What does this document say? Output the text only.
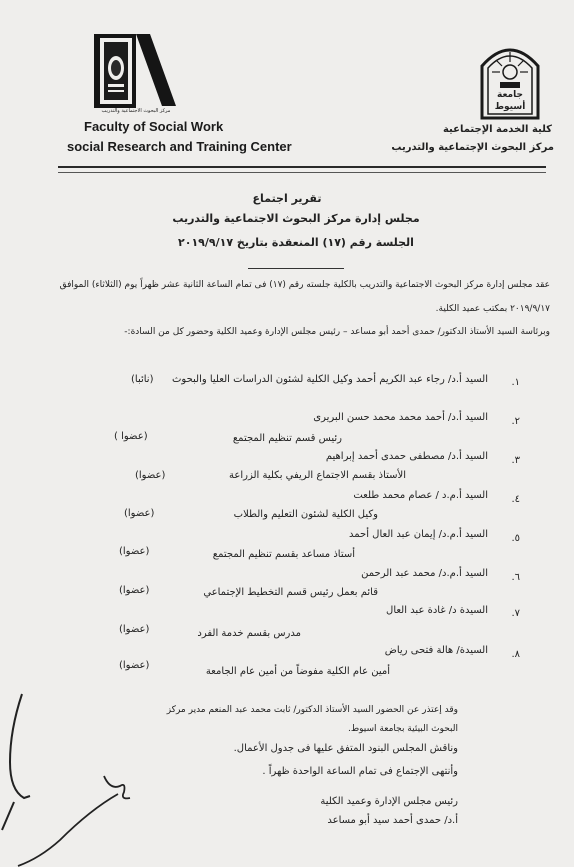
مركز البحوث الاجتماعية والتدريب
Faculty of Social Work
social Research and Training Center
جامعة
أسيوط
كلية الخدمة الإجتماعية
مركز البحوث الإجتماعية والتدريب
تقرير اجتماع
مجلس إدارة مركز البحوث الاجتماعية والتدريب
الجلسة رقم (١٧) المنعقدة بتاريخ ٢٠١٩/٩/١٧
عقد مجلس إدارة مركز البحوث الاجتماعية والتدريب بالكلية جلسته رقم (١٧) فى تمام الساعة الثانية عشر ظهراً يوم (الثلاثاء) الموافق
٢٠١٩/٩/١٧ بمكتب عميد الكلية.
وبرئاسة السيد الأستاذ الدكتور/ حمدى أحمد أبو مساعد – رئيس مجلس الإدارة وعميد الكلية وحضور كل من السادة:-
١.
السيد أ.د/ رجاء عبد الكريم أحمد وكيل الكلية لشئون الدراسات العليا والبحوث
(نائبا)
٢.
السيد أ.د/ أحمد محمد محمد حسن البريرى
رئيس قسم تنظيم المجتمع
( عضوا)
٣.
السيد أ.د/ مصطفى حمدى أحمد إبراهيم
الأستاذ بقسم الاجتماع الريفي بكلية الزراعة
(عضوا)
٤.
السيد أ.م.د / عصام محمد طلعت
وكيل الكلية لشئون التعليم والطلاب
(عضوا)
٥.
السيد أ.م.د/ إيمان عبد العال أحمد
أستاذ مساعد بقسم تنظيم المجتمع
(عضوا)
٦.
السيد أ.م.د/ محمد عبد الرحمن
قائم بعمل رئيس قسم التخطيط الإجتماعي
(عضوا)
٧.
السيدة د/ غادة عبد العال
مدرس بقسم خدمة الفرد
(عضوا)
٨.
السيدة/ هالة فتحى رياض
أمين عام الكلية مفوضاً من أمين عام الجامعة
(عضوا)
وقد إعتذر عن الحضور السيد الأستاذ الدكتور/ ثابت محمد عبد المنعم مدير مركز
البحوث البيئية بجامعة اسيوط.
وناقش المجلس البنود المتفق عليها فى جدول الأعمال.
وأنتهى الإجتماع فى تمام الساعة الواحدة ظهراً .
رئيس مجلس الإدارة وعميد الكلية
أ.د/ حمدى أحمد سيد أبو مساعد
